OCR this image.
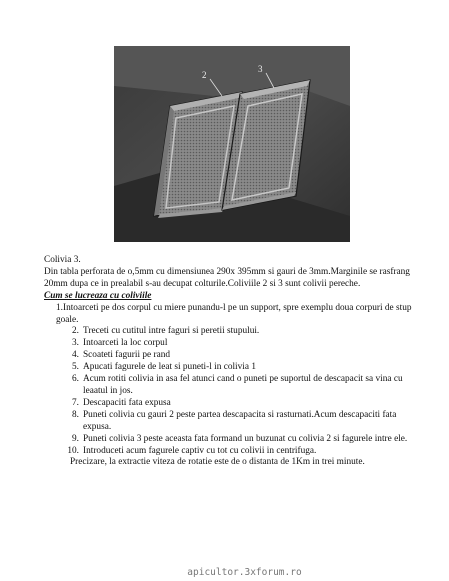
2
3

Colivia 3.

Din tabla perforata de o,5mm cu dimensiunea 290x 395mm si gauri de 3mm.Marginile se rasfrang 20mm dupa ce in prealabil s-au decupat colturile.Coliviile 2 si 3 sunt colivii pereche.

Cum se lucreaza cu coliviile

1.Intoarceti pe dos corpul cu miere punandu-l pe un support, spre exemplu doua corpuri de stup goale.

2. Treceti cu cutitul intre faguri si peretii stupului.
3. Intoarceti la loc corpul
4. Scoateti fagurii pe rand
5. Apucati fagurele de leat si puneti-l in colivia 1
6. Acum rotiti colivia in asa fel atunci cand o puneti pe suportul de descapacit sa vina cu leaatul in jos.
7. Descapaciti fata expusa
8. Puneti colivia cu gauri 2 peste partea descapacita si rasturnati.Acum descapaciti fata expusa.
9. Puneti colivia 3 peste aceasta fata formand un buzunat cu colivia 2 si fagurele intre ele.
10. Introduceti acum fagurele captiv cu tot cu colivii in centrifuga.

Precizare, la extractie viteza de rotatie este de o distanta de 1Km in trei minute.

apicultor.3xforum.ro
